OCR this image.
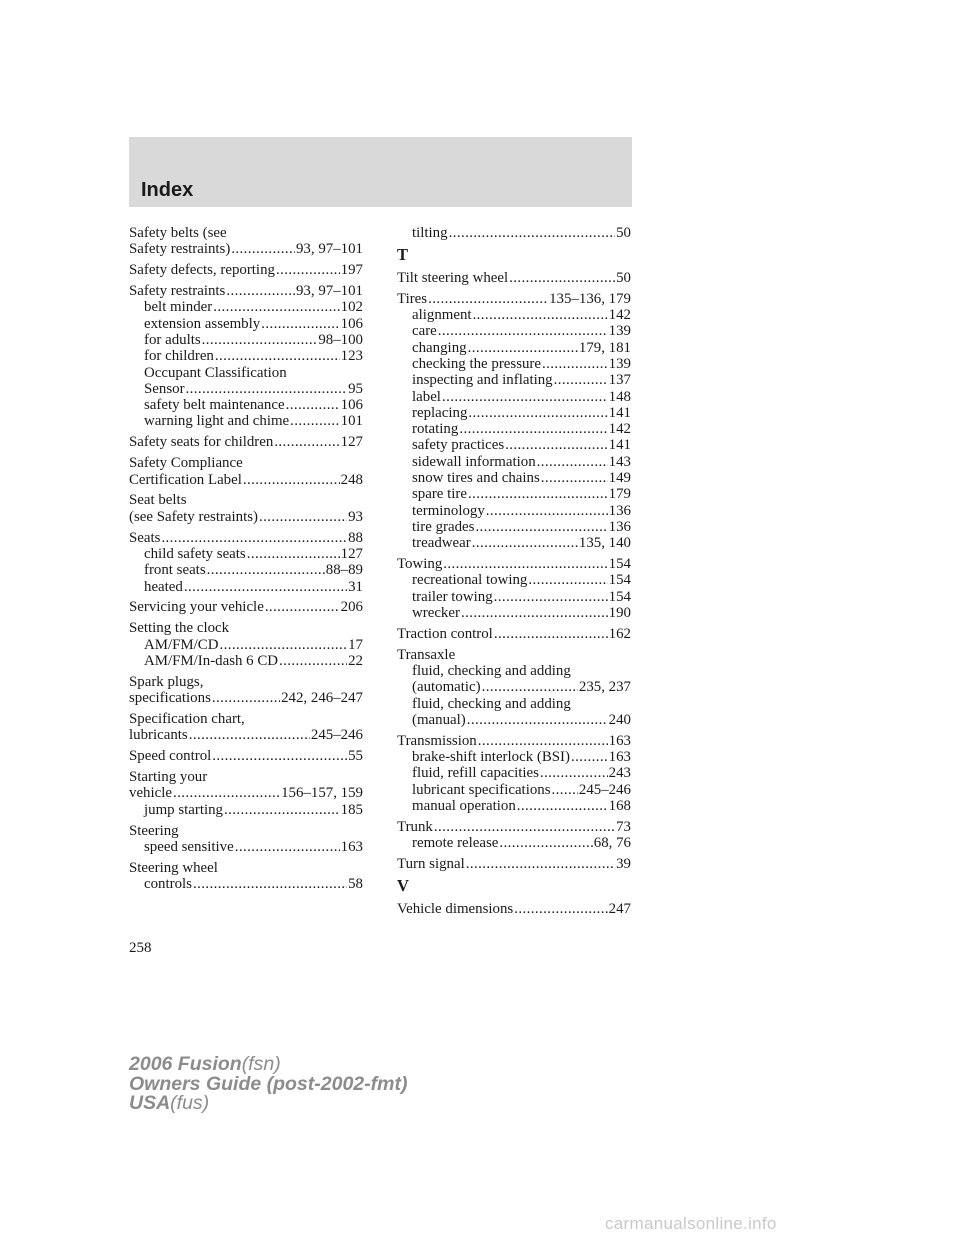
Index
Safety belts (see
Safety restraints) .....	93, 97–101
Safety defects, reporting .....	197
Safety restraints .....	93, 97–101
belt minder .....	102
extension assembly .....	106
for adults .....	98–100
for children .....	123
Occupant Classification
Sensor .....	95
safety belt maintenance .....	106
warning light and chime .....	101
Safety seats for children .....	127
Safety Compliance
Certification Label .....	248
Seat belts
(see Safety restraints) .....	93
Seats .....	88
child safety seats .....	127
front seats .....	88–89
heated .....	31
Servicing your vehicle .....	206
Setting the clock
AM/FM/CD .....	17
AM/FM/In-dash 6 CD .....	22
Spark plugs,
specifications .....	242, 246–247
Specification chart,
lubricants .....	245–246
Speed control .....	55
Starting your
vehicle .....	156–157, 159
jump starting .....	185
Steering
speed sensitive .....	163
Steering wheel
controls .....	58
tilting .....	50
T
Tilt steering wheel .....	50
Tires .....	135–136, 179
alignment .....	142
care .....	139
changing .....	179, 181
checking the pressure .....	139
inspecting and inflating .....	137
label .....	148
replacing .....	141
rotating .....	142
safety practices .....	141
sidewall information .....	143
snow tires and chains .....	149
spare tire .....	179
terminology .....	136
tire grades .....	136
treadwear .....	135, 140
Towing .....	154
recreational towing .....	154
trailer towing .....	154
wrecker .....	190
Traction control .....	162
Transaxle
fluid, checking and adding
(automatic) .....	235, 237
fluid, checking and adding
(manual) .....	240
Transmission .....	163
brake-shift interlock (BSI) .....	163
fluid, refill capacities .....	243
lubricant specifications ..... 245–246
manual operation .....	168
Trunk .....	73
remote release .....	68, 76
Turn signal .....	39
V
Vehicle dimensions .....	247
258
2006 Fusion(fsn)
Owners Guide (post-2002-fmt)
USA(fus)
carmanualsonline.info
